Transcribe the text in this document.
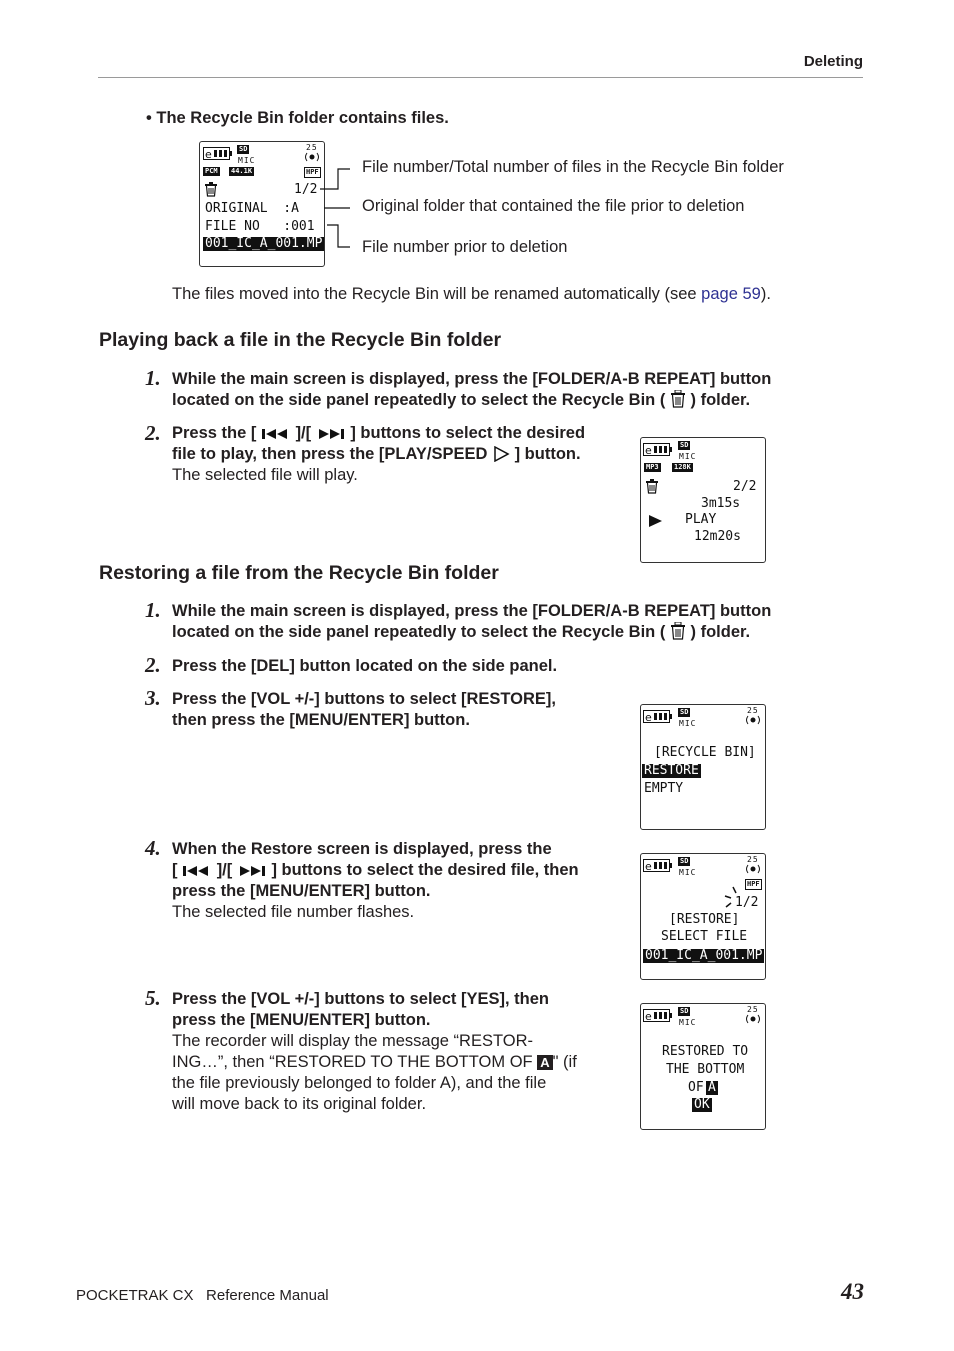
Deleting
• The Recycle Bin folder contains files.
e	SD
MIC
25
PCM 44.1K	HPF
1/2
ORIGINAL  :A
FILE NO   :001
001_IC_A_001.MP
File number/Total number of files in the Recycle Bin folder
Original folder that contained the file prior to deletion
File number prior to deletion
The files moved into the Recycle Bin will be renamed automatically (see page 59).
Playing back a file in the Recycle Bin folder
1. While the main screen is displayed, press the [FOLDER/A-B REPEAT] button
located on the side panel repeatedly to select the Recycle Bin ( ) folder.
2. Press the [ ]/[ ] buttons to select the desired
file to play, then press the [PLAY/SPEED  ] button.
The selected file will play.
e	SD
MIC
MP3 128K
2/2
3m15s
PLAY
12m20s
Restoring a file from the Recycle Bin folder
1. While the main screen is displayed, press the [FOLDER/A-B REPEAT] button
located on the side panel repeatedly to select the Recycle Bin ( ) folder.
2. Press the [DEL] button located on the side panel.
3. Press the [VOL +/-] buttons to select [RESTORE],
then press the [MENU/ENTER] button.	e	SD
MIC
25
[RECYCLE BIN]
RESTORE
EMPTY
4. When the Restore screen is displayed, press the
[ ]/[ ] buttons to select the desired file, then
press the [MENU/ENTER] button.
The selected file number flashes.
e	SD
MIC
25
HPF
1/2
[RESTORE]
SELECT FILE
001_IC_A_001.MP
5. Press the [VOL +/-] buttons to select [YES], then
press the [MENU/ENTER] button.
The recorder will display the message “RESTOR-
ING…”, then “RESTORED TO THE BOTTOM OF A " (if
the file previously belonged to folder A), and the file
will move back to its original folder.
e	SD
MIC
25
RESTORED TO
THE BOTTOM
OF A
OK
POCKETRAK CX Reference Manual	43
